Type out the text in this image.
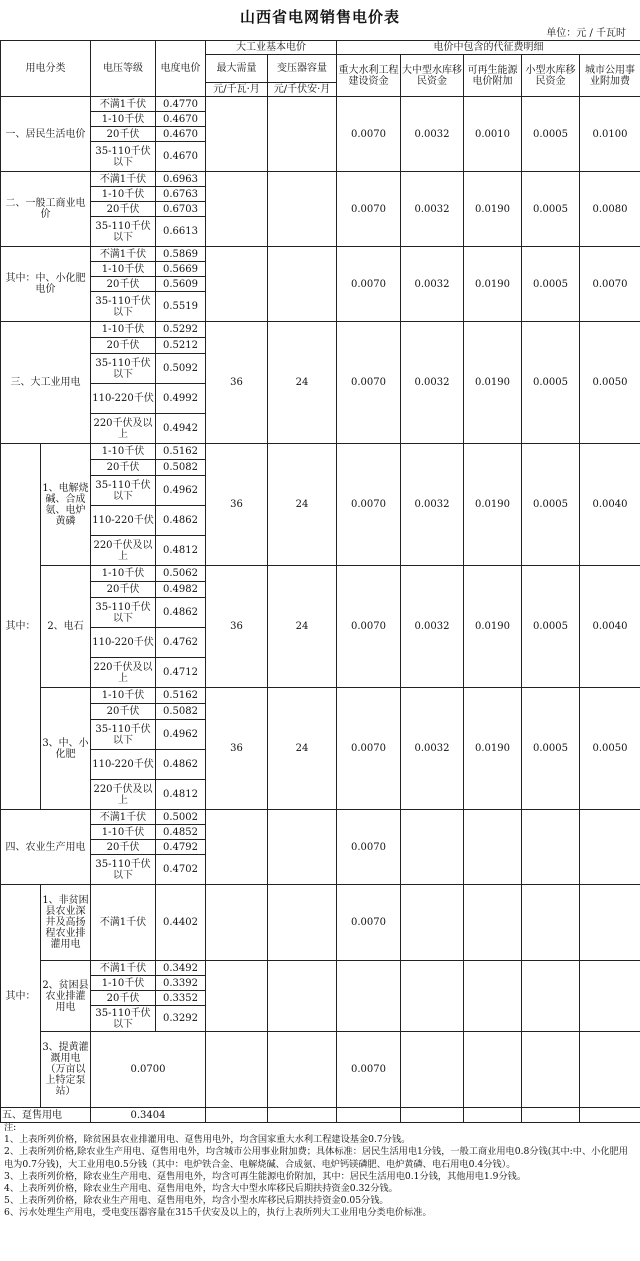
山西省电网销售电价表
单位：元 / 千瓦时
用电分类		电压等级	电度电价	大工业基本电价		电价中包含的代征费明细				
				最大需量	变压器容量	重大水利工程建设资金	大中型水库移民资金	可再生能源电价附加	小型水库移民资金	城市公用事业附加费
				元/千瓦·月	元/千伏安·月					
一、居民生活电价		不满1千伏	0.4770			0.0070	0.0032	0.0010	0.0005	0.0100
		1-10千伏	0.4670							
		20千伏	0.4670							
		35-110千伏以下	0.4670							
二、一般工商业电价		不满1千伏	0.6963			0.0070	0.0032	0.0190	0.0005	0.0080
		1-10千伏	0.6763							
		20千伏	0.6703							
		35-110千伏以下	0.6613							
其中：中、小化肥电价		不满1千伏	0.5869			0.0070	0.0032	0.0190	0.0005	0.0070
		1-10千伏	0.5669							
		20千伏	0.5609							
		35-110千伏以下	0.5519							
三、大工业用电		1-10千伏	0.5292	36	24	0.0070	0.0032	0.0190	0.0005	0.0050
		20千伏	0.5212							
		35-110千伏以下	0.5092							
		110-220千伏	0.4992							
		220千伏及以上	0.4942							
其中：	1、电解烧碱、合成氨、电炉黄磷	1-10千伏	0.5162	36	24	0.0070	0.0032	0.0190	0.0005	0.0040
		20千伏	0.5082							
		35-110千伏以下	0.4962							
		110-220千伏	0.4862							
		220千伏及以上	0.4812							
	2、电石	1-10千伏	0.5062	36	24	0.0070	0.0032	0.0190	0.0005	0.0040
		20千伏	0.4982							
		35-110千伏以下	0.4862							
		110-220千伏	0.4762							
		220千伏及以上	0.4712							
	3、中、小化肥	1-10千伏	0.5162	36	24	0.0070	0.0032	0.0190	0.0005	0.0050
		20千伏	0.5082							
		35-110千伏以下	0.4962							
		110-220千伏	0.4862							
		220千伏及以上	0.4812							
四、农业生产用电		不满1千伏	0.5002			0.0070				
		1-10千伏	0.4852							
		20千伏	0.4792							
		35-110千伏以下	0.4702							
其中：	1、非贫困县农业深井及高扬程农业排灌用电	不满1千伏	0.4402			0.0070				
	2、贫困县农业排灌用电	不满1千伏	0.3492							
		1-10千伏	0.3392							
		20千伏	0.3352							
		35-110千伏以下	0.3292							
	3、提黄灌溉用电（万亩以上特定泵站）	0.0700				0.0070				
五、趸售用电		0.3404								
注:
1、上表所列价格，除贫困县农业排灌用电、趸售用电外，均含国家重大水利工程建设基金0.7分钱。
2、上表所列价格,除农业生产用电、趸售用电外，均含城市公用事业附加费；具体标准：居民生活用电1分钱，一般工商业用电0.8分钱(其中:中、小化肥用电为0.7分钱)，大工业用电0.5分钱（其中：电炉铁合金、电解烧碱、合成氨、电炉钙镁磷肥、电炉黄磷、电石用电0.4分钱）。
3、上表所列价格，除农业生产用电、趸售用电外，均含可再生能源电价附加，其中：居民生活用电0.1分钱，其他用电1.9分钱。
4、上表所列价格，除农业生产用电、趸售用电外，均含大中型水库移民后期扶持资金0.32分钱。
5、上表所列价格，除农业生产用电、趸售用电外，均含小型水库移民后期扶持资金0.05分钱。
6、污水处理生产用电，受电变压器容量在315千伏安及以上的，执行上表所列大工业用电分类电价标准。
